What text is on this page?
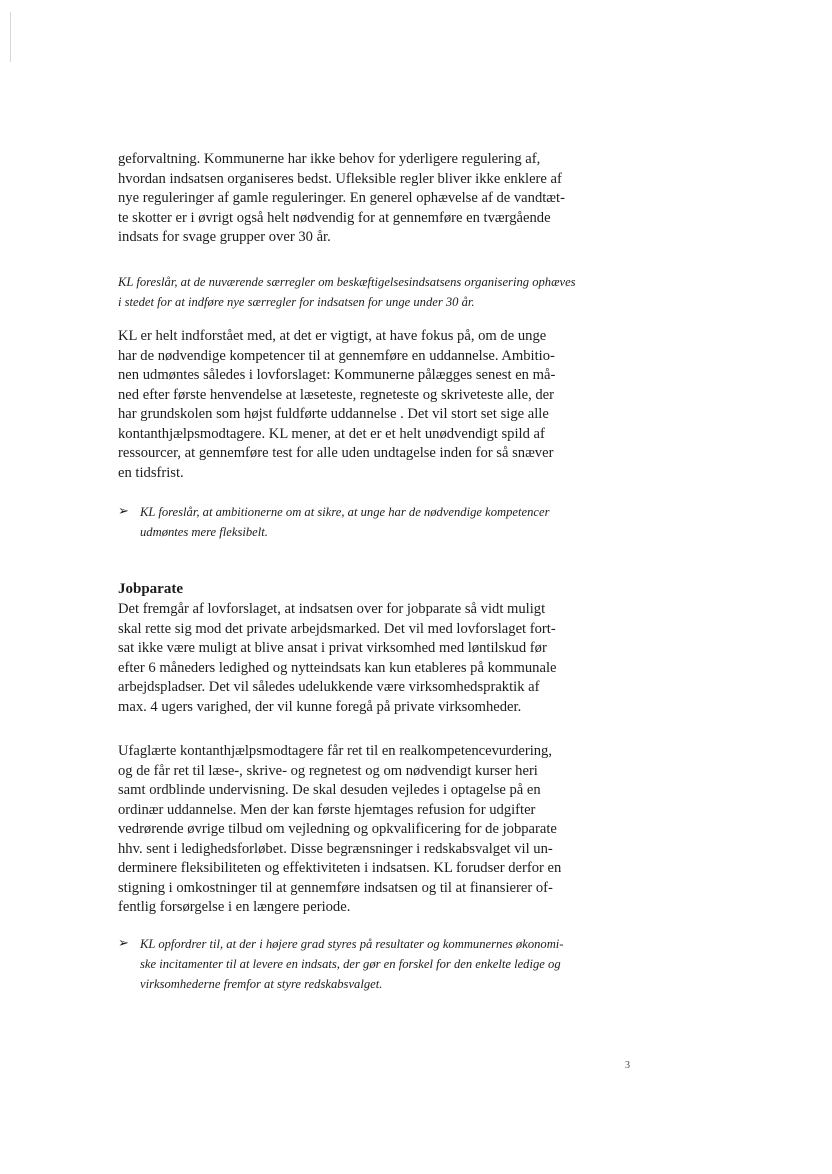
geforvaltning. Kommunerne har ikke behov for yderligere regulering af,
hvordan indsatsen organiseres bedst. Ufleksible regler bliver ikke enklere af
nye reguleringer af gamle reguleringer. En generel ophævelse af de vandtæt-
te skotter er i øvrigt også helt nødvendig for at gennemføre en tværgående
indsats for svage grupper over 30 år.
KL foreslår, at de nuværende særregler om beskæftigelsesindsatsens organisering ophæves
i stedet for at indføre nye særregler for indsatsen for unge under 30 år.
KL er helt indforstået med, at det er vigtigt, at have fokus på, om de unge
har de nødvendige kompetencer til at gennemføre en uddannelse. Ambitio-
nen udmøntes således i lovforslaget: Kommunerne pålægges senest en må-
ned efter første henvendelse at læseteste, regneteste og skriveteste alle, der
har grundskolen som højst fuldførte uddannelse . Det vil stort set sige alle
kontanthjælpsmodtagere. KL mener, at det er et helt unødvendigt spild af
ressourcer, at gennemføre test for alle uden undtagelse inden for så snæver
en tidsfrist.
➢ KL foreslår, at ambitionerne om at sikre, at unge har de nødvendige kompetencer
udmøntes mere fleksibelt.
Jobparate
Det fremgår af lovforslaget, at indsatsen over for jobparate så vidt muligt
skal rette sig mod det private arbejdsmarked. Det vil med lovforslaget fort-
sat ikke være muligt at blive ansat i privat virksomhed med løntilskud før
efter 6 måneders ledighed og nytteindsats kan kun etableres på kommunale
arbejdspladser. Det vil således udelukkende være virksomhedspraktik af
max. 4 ugers varighed, der vil kunne foregå på private virksomheder.
Ufaglærte kontanthjælpsmodtagere får ret til en realkompetencevurdering,
og de får ret til læse-, skrive- og regnetest og om nødvendigt kurser heri
samt ordblinde undervisning. De skal desuden vejledes i optagelse på en
ordinær uddannelse. Men der kan første hjemtages refusion for udgifter
vedrørende øvrige tilbud om vejledning og opkvalificering for de jobparate
hhv. sent i ledighedsforløbet. Disse begrænsninger i redskabsvalget vil un-
derminere fleksibiliteten og effektiviteten i indsatsen. KL forudser derfor en
stigning i omkostninger til at gennemføre indsatsen og til at finansierer of-
fentlig forsørgelse i en længere periode.
➢ KL opfordrer til, at der i højere grad styres på resultater og kommunernes økonomi-
ske incitamenter til at levere en indsats, der gør en forskel for den enkelte ledige og
virksomhederne fremfor at styre redskabsvalget.
3
